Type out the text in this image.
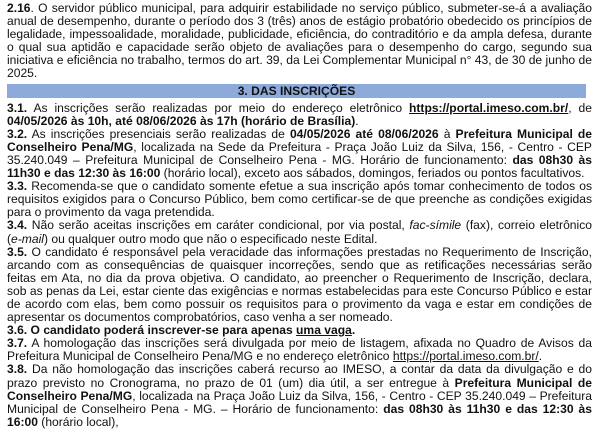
2.16. O servidor público municipal, para adquirir estabilidade no serviço público, submeter-se-á a avaliação anual de desempenho, durante o período dos 3 (três) anos de estágio probatório obedecido os princípios de legalidade, impessoalidade, moralidade, publicidade, eficiência, do contraditório e da ampla defesa, durante o qual sua aptidão e capacidade serão objeto de avaliações para o desempenho do cargo, segundo sua iniciativa e eficiência no trabalho, termos do art. 39, da Lei Complementar Municipal n° 43, de 30 de junho de 2025.

3. DAS INSCRIÇÕES

3.1. As inscrições serão realizadas por meio do endereço eletrônico https://portal.imeso.com.br/, de 04/05/2026 às 10h, até 08/06/2026 às 17h (horário de Brasília).

3.2. As inscrições presenciais serão realizadas de 04/05/2026 até 08/06/2026 à Prefeitura Municipal de Conselheiro Pena/MG, localizada na Sede da Prefeitura - Praça João Luiz da Silva, 156, - Centro - CEP 35.240.049 – Prefeitura Municipal de Conselheiro Pena - MG. Horário de funcionamento: das 08h30 às 11h30 e das 12:30 às 16:00 (horário local), exceto aos sábados, domingos, feriados ou pontos facultativos.

3.3. Recomenda-se que o candidato somente efetue a sua inscrição após tomar conhecimento de todos os requisitos exigidos para o Concurso Público, bem como certificar-se de que preenche as condições exigidas para o provimento da vaga pretendida.

3.4. Não serão aceitas inscrições em caráter condicional, por via postal, fac-símile (fax), correio eletrônico (e-mail) ou qualquer outro modo que não o especificado neste Edital.

3.5. O candidato é responsável pela veracidade das informações prestadas no Requerimento de Inscrição, arcando com as consequências de quaisquer incorreções, sendo que as retificações necessárias serão feitas em Ata, no dia da prova objetiva. O candidato, ao preencher o Requerimento de Inscrição, declara, sob as penas da Lei, estar ciente das exigências e normas estabelecidas para este Concurso Público e estar de acordo com elas, bem como possuir os requisitos para o provimento da vaga e estar em condições de apresentar os documentos comprobatórios, caso venha a ser nomeado.

3.6. O candidato poderá inscrever-se para apenas uma vaga.

3.7. A homologação das inscrições será divulgada por meio de listagem, afixada no Quadro de Avisos da Prefeitura Municipal de Conselheiro Pena/MG e no endereço eletrônico https://portal.imeso.com.br/.

3.8. Da não homologação das inscrições caberá recurso ao IMESO, a contar da data da divulgação e do prazo previsto no Cronograma, no prazo de 01 (um) dia útil, a ser entregue à Prefeitura Municipal de Conselheiro Pena/MG, localizada na Praça João Luiz da Silva, 156, - Centro - CEP 35.240.049 – Prefeitura Municipal de Conselheiro Pena - MG. – Horário de funcionamento: das 08h30 às 11h30 e das 12:30 às 16:00 (horário local),
